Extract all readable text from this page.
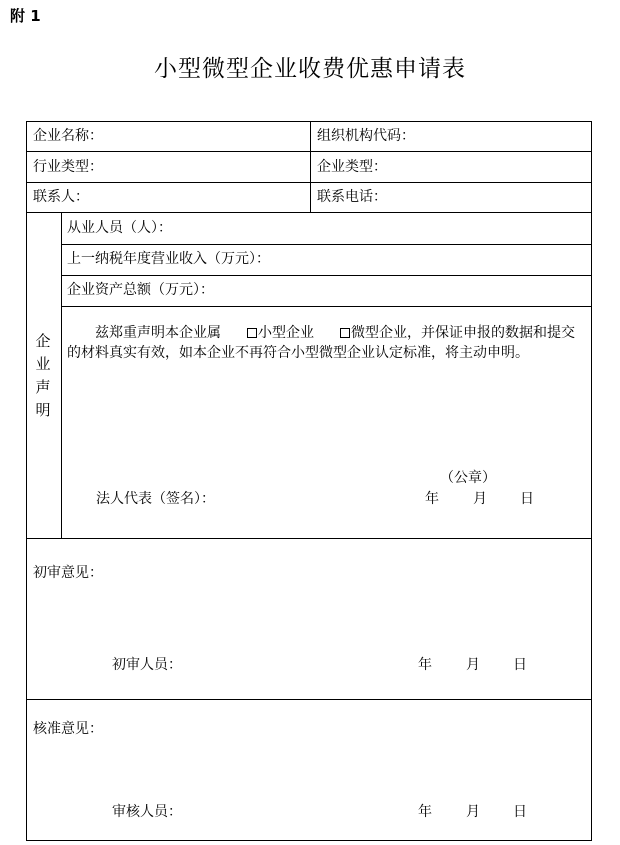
附 1
小型微型企业收费优惠申请表
企业名称：	组织机构代码：
行业类型：	企业类型：
联系人：	联系电话：
企业声明
从业人员（人）：
上一纳税年度营业收入（万元）：
企业资产总额（万元）：
兹郑重声明本企业属	小型企业	微型企业，并保证申报的数据和提交的材料真实有效，如本企业不再符合小型微型企业认定标准，将主动申明。
（公章）
法人代表（签名）：	年 月 日
初审意见：
初审人员：	年 月 日
核准意见：
审核人员：	年 月 日
